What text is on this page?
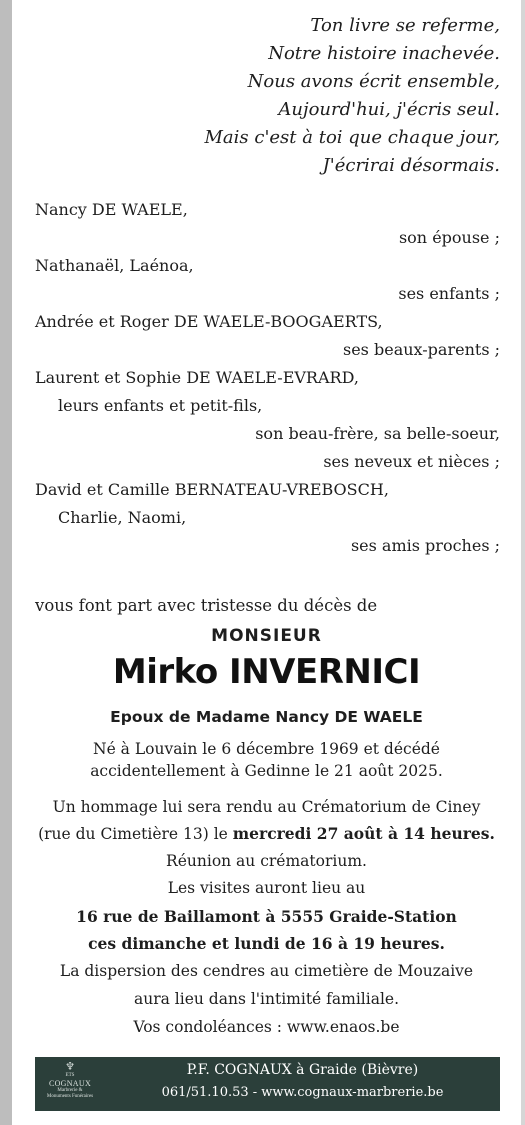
Ton livre se referme,
Notre histoire inachevée.
Nous avons écrit ensemble,
Aujourd'hui, j'écris seul.
Mais c'est à toi que chaque jour,
J'écrirai désormais.
Nancy DE WAELE,
son épouse ;
Nathanaël, Laénoa,
ses enfants ;
Andrée et Roger DE WAELE-BOOGAERTS,
ses beaux-parents ;
Laurent et Sophie DE WAELE-EVRARD,
leurs enfants et petit-fils,
son beau-frère, sa belle-soeur,
ses neveux et nièces ;
David et Camille BERNATEAU-VREBOSCH,
Charlie, Naomi,
ses amis proches ;
vous font part avec tristesse du décès de
MONSIEUR
Mirko INVERNICI
Epoux de Madame Nancy DE WAELE
Né à Louvain le 6 décembre 1969 et décédé
accidentellement à Gedinne le 21 août 2025.
Un hommage lui sera rendu au Crématorium de Ciney
(rue du Cimetière 13) le mercredi 27 août à 14 heures.
Réunion au crématorium.
Les visites auront lieu au
16 rue de Baillamont à 5555 Graide-Station
ces dimanche et lundi de 16 à 19 heures.
La dispersion des cendres au cimetière de Mouzaive
aura lieu dans l'intimité familiale.
Vos condoléances : www.enaos.be
♆
ETS
COGNAUX
Marbrerie &
Monuments Funéraires
P.F. COGNAUX à Graide (Bièvre)
061/51.10.53 - www.cognaux-marbrerie.be
